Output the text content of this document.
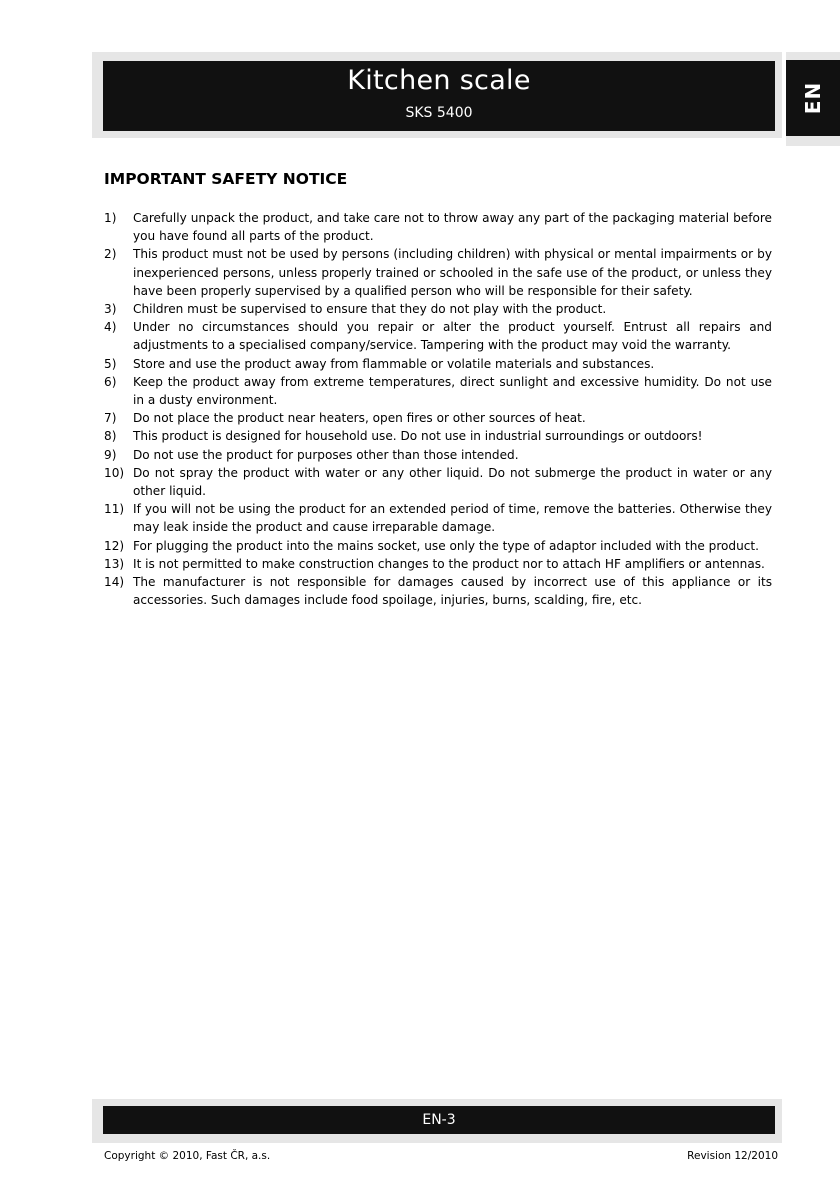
Kitchen scale
SKS 5400	EN
IMPORTANT SAFETY NOTICE
1) Carefully unpack the product, and take care not to throw away any part of the packaging material before you have found all parts of the product.
2) This product must not be used by persons (including children) with physical or mental impairments or by inexperienced persons, unless properly trained or schooled in the safe use of the product, or unless they have been properly supervised by a qualified person who will be responsible for their safety.
3) Children must be supervised to ensure that they do not play with the product.
4) Under no circumstances should you repair or alter the product yourself. Entrust all repairs and adjustments to a specialised company/service. Tampering with the product may void the warranty.
5) Store and use the product away from flammable or volatile materials and substances.
6) Keep the product away from extreme temperatures, direct sunlight and excessive humidity. Do not use in a dusty environment.
7) Do not place the product near heaters, open fires or other sources of heat.
8) This product is designed for household use. Do not use in industrial surroundings or outdoors!
9) Do not use the product for purposes other than those intended.
10) Do not spray the product with water or any other liquid. Do not submerge the product in water or any other liquid.
11) If you will not be using the product for an extended period of time, remove the batteries. Otherwise they may leak inside the product and cause irreparable damage.
12) For plugging the product into the mains socket, use only the type of adaptor included with the product.
13) It is not permitted to make construction changes to the product nor to attach HF amplifiers or antennas.
14) The manufacturer is not responsible for damages caused by incorrect use of this appliance or its accessories. Such damages include food spoilage, injuries, burns, scalding, fire, etc.
EN-3
Copyright © 2010, Fast ČR, a.s.	Revision 12/2010
